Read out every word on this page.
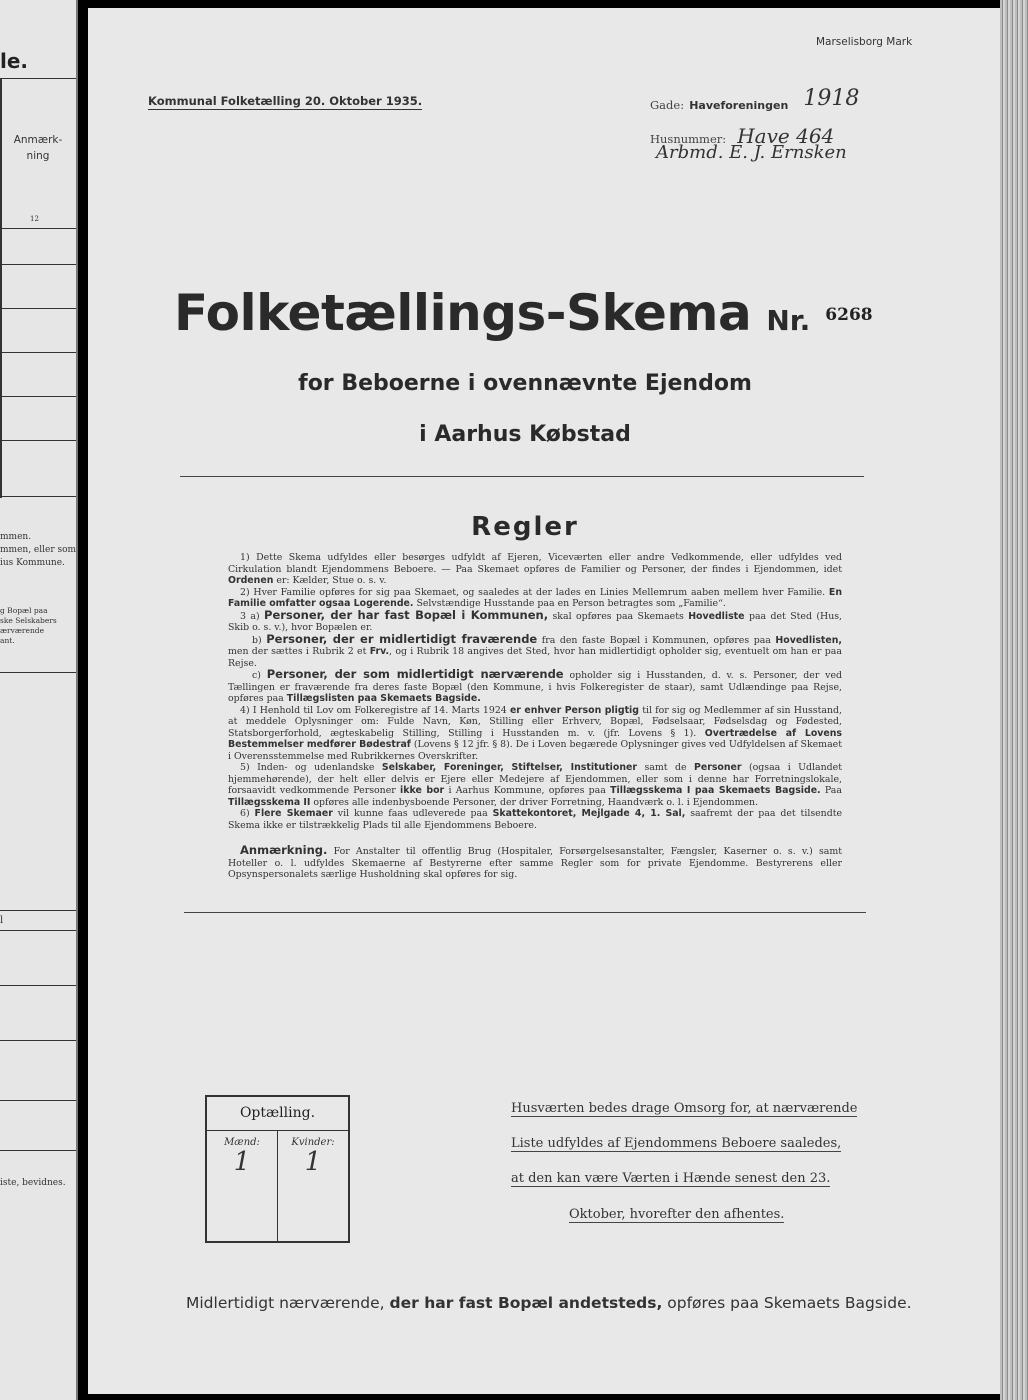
le.
Anmærk-
ning
12
mmen.
mmen, eller som
ius Kommune.
g Bopæl paa
ske Selskabers
ærværende
ant.
l
iste, bevidnes.
Marselisborg Mark
Kommunal Folketælling 20. Oktober 1935.	Gade: Haveforeningen 1918
Husnummer: Have 464
Arbmd. E. J. Ernsken
Folketællings-Skema Nr. 6268
for Beboerne i ovennævnte Ejendom
i Aarhus Købstad
Regler

1) Dette Skema udfyldes eller besørges udfyldt af Ejeren, Viceværten eller andre Vedkommende, eller udfyldes ved Cirkulation blandt Ejendommens Beboere. — Paa Skemaet opføres de Familier og Personer, der findes i Ejendommen, idet Ordenen er: Kælder, Stue o. s. v.

2) Hver Familie opføres for sig paa Skemaet, og saaledes at der lades en Linies Mellemrum aaben mellem hver Familie. En Familie omfatter ogsaa Logerende. Selvstændige Husstande paa en Person betragtes som „Familie“.

3 a) Personer, der har fast Bopæl i Kommunen, skal opføres paa Skemaets Hovedliste paa det Sted (Hus, Skib o. s. v.), hvor Bopælen er.

b) Personer, der er midlertidigt fraværende fra den faste Bopæl i Kommunen, opføres paa Hovedlisten, men der sættes i Rubrik 2 et Frv., og i Rubrik 18 angives det Sted, hvor han midlertidigt opholder sig, eventuelt om han er paa Rejse.

c) Personer, der som midlertidigt nærværende opholder sig i Husstanden, d. v. s. Personer, der ved Tællingen er fraværende fra deres faste Bopæl (den Kommune, i hvis Folkeregister de staar), samt Udlændinge paa Rejse, opføres paa Tillægslisten paa Skemaets Bagside.

4) I Henhold til Lov om Folkeregistre af 14. Marts 1924 er enhver Person pligtig til for sig og Medlemmer af sin Husstand, at meddele Oplysninger om: Fulde Navn, Køn, Stilling eller Erhverv, Bopæl, Fødselsaar, Fødselsdag og Fødested, Statsborgerforhold, ægteskabelig Stilling, Stilling i Husstanden m. v. (jfr. Lovens § 1). Overtrædelse af Lovens Bestemmelser medfører Bødestraf (Lovens § 12 jfr. § 8). De i Loven begærede Oplysninger gives ved Udfyldelsen af Skemaet i Overensstemmelse med Rubrikkernes Overskrifter.

5) Inden- og udenlandske Selskaber, Foreninger, Stiftelser, Institutioner samt de Personer (ogsaa i Udlandet hjemmehørende), der helt eller delvis er Ejere eller Medejere af Ejendommen, eller som i denne har Forretningslokale, forsaavidt vedkommende Personer ikke bor i Aarhus Kommune, opføres paa Tillægsskema I paa Skemaets Bagside. Paa Tillægsskema II opføres alle indenbysboende Personer, der driver Forretning, Haandværk o. l. i Ejendommen.

6) Flere Skemaer vil kunne faas udleverede paa Skattekontoret, Mejlgade 4, 1. Sal, saafremt der paa det tilsendte Skema ikke er tilstrækkelig Plads til alle Ejendommens Beboere.

Anmærkning. For Anstalter til offentlig Brug (Hospitaler, Forsørgelsesanstalter, Fængsler, Kaserner o. s. v.) samt Hoteller o. l. udfyldes Skemaerne af Bestyrerne efter samme Regler som for private Ejendomme. Bestyrerens eller Opsynspersonalets særlige Husholdning skal opføres for sig.

Optælling.
Mænd:	Kvinder:
1	1
Husværten bedes drage Omsorg for, at nærværende
Liste udfyldes af Ejendommens Beboere saaledes,
at den kan være Værten i Hænde senest den 23.
Oktober, hvorefter den afhentes.
Midlertidigt nærværende, der har fast Bopæl andetsteds, opføres paa Skemaets Bagside.
